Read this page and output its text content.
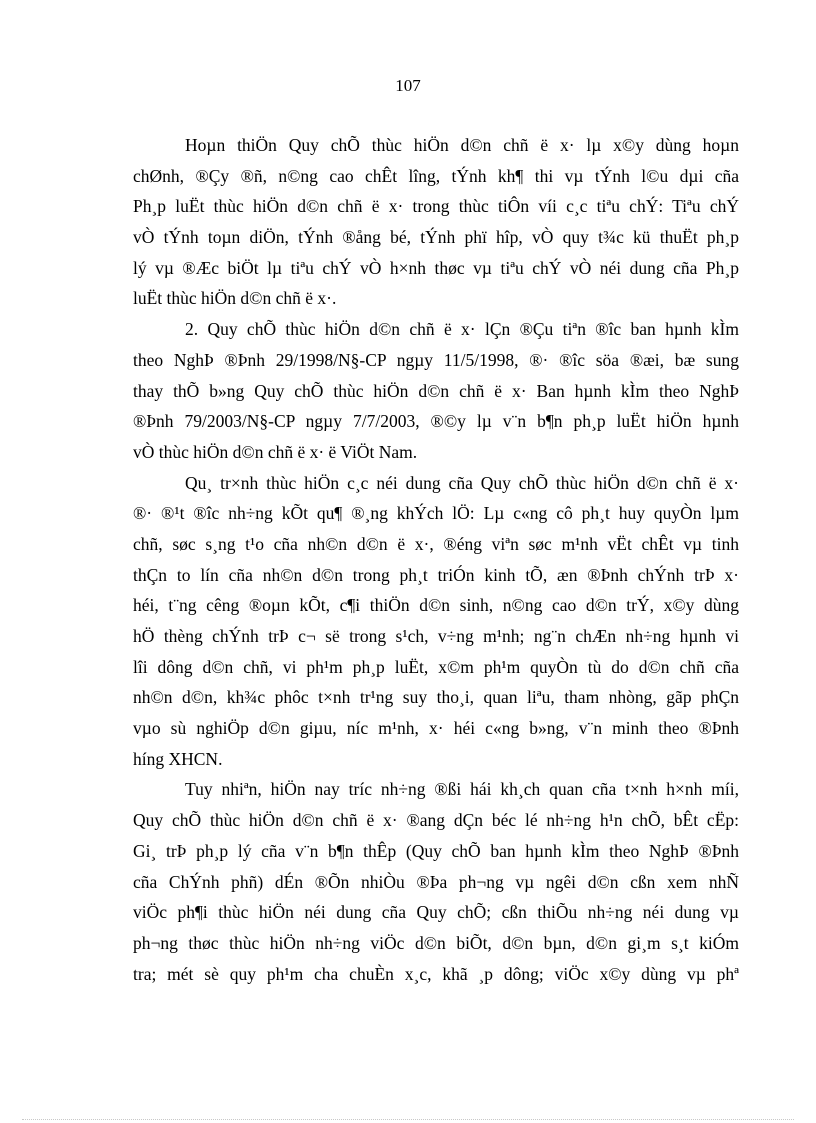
107
Hoµn thiÖn Quy chÕ thùc hiÖn d©n chñ ë x· lµ x©y dùng hoµn
chØnh, ®Çy ®ñ, n©ng cao chÊt lîng, tÝnh kh¶ thi vµ tÝnh l©u dµi cña
Ph¸p luËt thùc hiÖn d©n chñ ë x· trong thùc tiÔn víi c¸c tiªu chÝ: Tiªu chÝ
vÒ tÝnh toµn diÖn, tÝnh ®ång bé, tÝnh phï hîp, vÒ quy t¾c kü thuËt ph¸p
lý vµ ®Æc biÖt lµ tiªu chÝ vÒ h×nh thøc vµ tiªu chÝ vÒ néi dung cña Ph¸p
luËt thùc hiÖn d©n chñ ë x·.
2. Quy chÕ thùc hiÖn d©n chñ ë x· lÇn ®Çu tiªn ®îc ban hµnh kÌm
theo NghÞ ®Þnh 29/1998/N§-CP ngµy 11/5/1998, ®· ®îc söa ®æi, bæ sung
thay thÕ b»ng Quy chÕ thùc hiÖn d©n chñ ë x· Ban hµnh kÌm theo NghÞ
®Þnh 79/2003/N§-CP ngµy 7/7/2003, ®©y lµ v¨n b¶n ph¸p luËt hiÖn hµnh
vÒ thùc hiÖn d©n chñ ë x· ë ViÖt Nam.
Qu¸ tr×nh thùc hiÖn c¸c néi dung cña Quy chÕ thùc hiÖn d©n chñ ë x·
®· ®¹t ®îc nh÷ng kÕt qu¶ ®¸ng khÝch lÖ: Lµ c«ng cô ph¸t huy quyÒn lµm
chñ, søc s¸ng t¹o cña nh©n d©n ë x·, ®éng viªn søc m¹nh vËt chÊt vµ tinh
thÇn to lín cña nh©n d©n trong ph¸t triÓn kinh tÕ, æn ®Þnh chÝnh trÞ x·
héi, t¨ng cêng ®oµn kÕt, c¶i thiÖn d©n sinh, n©ng cao d©n trÝ, x©y dùng
hÖ thèng chÝnh trÞ c¬ së trong s¹ch, v÷ng m¹nh; ng¨n chÆn nh÷ng hµnh vi
lîi dông d©n chñ, vi ph¹m ph¸p luËt, x©m ph¹m quyÒn tù do d©n chñ cña
nh©n d©n, kh¾c phôc t×nh tr¹ng suy tho¸i, quan liªu, tham nhòng, gãp phÇn
vµo sù nghiÖp d©n giµu, níc m¹nh, x· héi c«ng b»ng, v¨n minh theo ®Þnh
híng XHCN.
Tuy nhiªn, hiÖn nay tríc nh÷ng ®ßi hái kh¸ch quan cña t×nh h×nh míi,
Quy chÕ thùc hiÖn d©n chñ ë x· ®ang dÇn béc lé nh÷ng h¹n chÕ, bÊt cËp:
Gi¸ trÞ ph¸p lý cña v¨n b¶n thÊp (Quy chÕ ban hµnh kÌm theo NghÞ ®Þnh
cña ChÝnh phñ) dÉn ®Õn nhiÒu ®Þa ph¬ng vµ ngêi d©n cßn xem nhÑ
viÖc ph¶i thùc hiÖn néi dung cña Quy chÕ; cßn thiÕu nh÷ng néi dung vµ
ph¬ng thøc thùc hiÖn nh÷ng viÖc d©n biÕt, d©n bµn, d©n gi¸m s¸t kiÓm
tra; mét sè quy ph¹m cha chuÈn x¸c, khã ¸p dông; viÖc x©y dùng vµ phª
